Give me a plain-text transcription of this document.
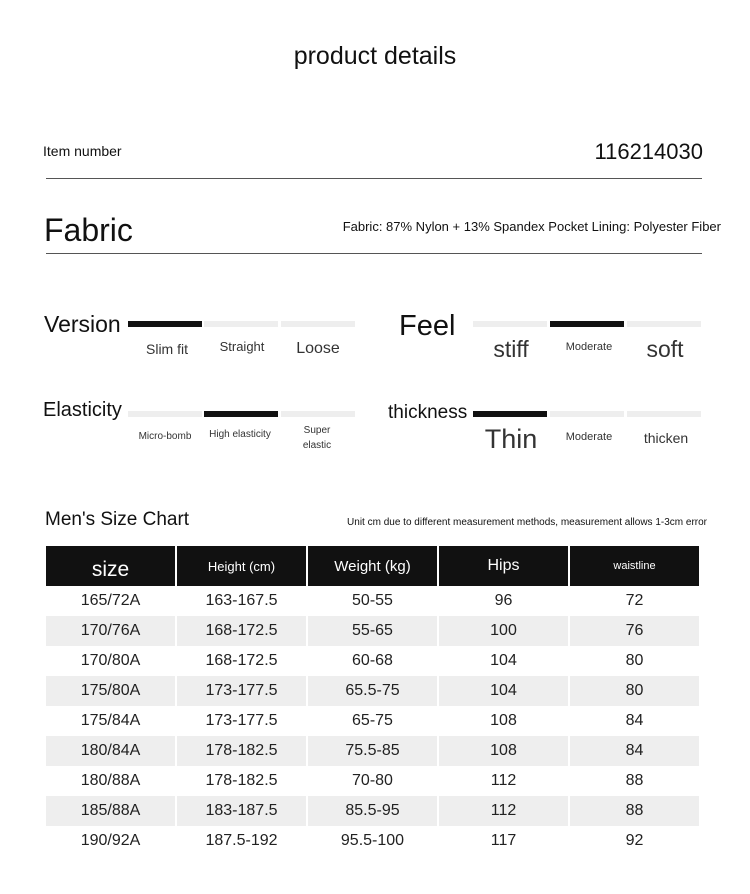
product details
Item number	116214030
Fabric	Fabric: 87% Nylon + 13% Spandex Pocket Lining: Polyester Fiber
Version
Slim fit	Straight	Loose
Feel
stiff	Moderate	soft
Elasticity
Micro-bomb	High elasticity	Super elastic
thickness
Thin	Moderate	thicken
Men's Size Chart	Unit cm due to different measurement methods, measurement allows 1-3cm error
size	Height (cm)	Weight (kg)	Hips	waistline
165/72A	163-167.5	50-55	96	72
170/76A	168-172.5	55-65	100	76
170/80A	168-172.5	60-68	104	80
175/80A	173-177.5	65.5-75	104	80
175/84A	173-177.5	65-75	108	84
180/84A	178-182.5	75.5-85	108	84
180/88A	178-182.5	70-80	112	88
185/88A	183-187.5	85.5-95	112	88
190/92A	187.5-192	95.5-100	117	92
